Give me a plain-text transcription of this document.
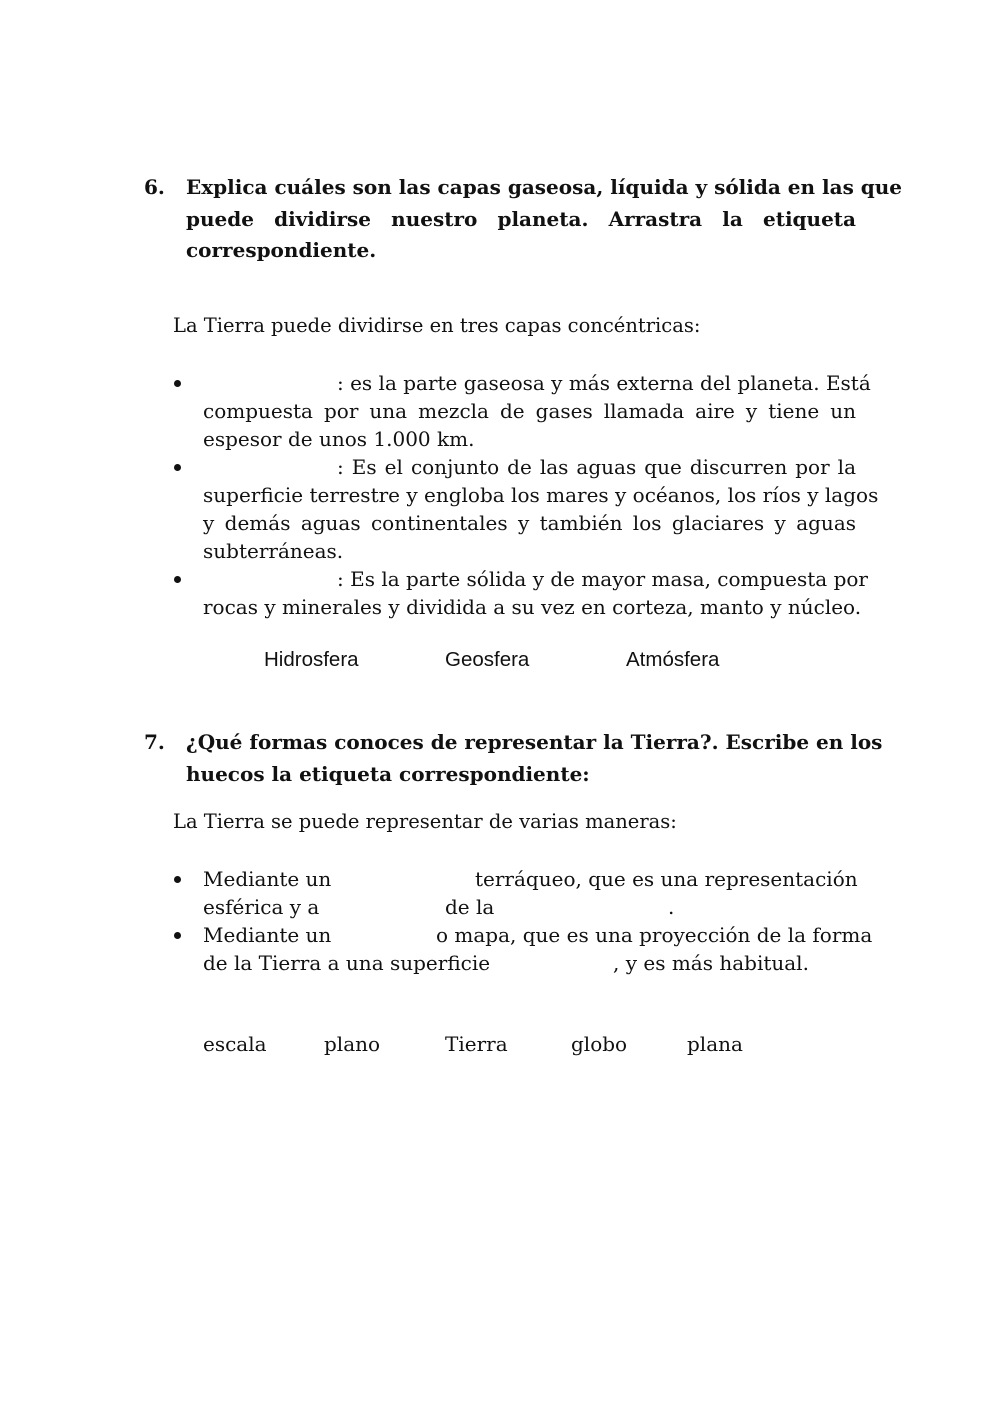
6. Explica cuáles son las capas gaseosa, líquida y sólida en las que
puede dividirse nuestro planeta. Arrastra la etiqueta
correspondiente.
La Tierra puede dividirse en tres capas concéntricas:
: es la parte gaseosa y más externa del planeta. Está
compuesta por una mezcla de gases llamada aire y tiene un
espesor de unos 1.000 km.
: Es el conjunto de las aguas que discurren por la
superficie terrestre y engloba los mares y océanos, los ríos y lagos
y demás aguas continentales y también los glaciares y aguas
subterráneas.
: Es la parte sólida y de mayor masa, compuesta por
rocas y minerales y dividida a su vez en corteza, manto y núcleo.
Hidrosfera	Geosfera	Atmósfera
7. ¿Qué formas conoces de representar la Tierra?. Escribe en los
huecos la etiqueta correspondiente:
La Tierra se puede representar de varias maneras:
Mediante un	terráqueo, que es una representación
esférica y a	de la	.
Mediante un	o mapa, que es una proyección de la forma
de la Tierra a una superficie	, y es más habitual.
escala	plano	Tierra	globo	plana
